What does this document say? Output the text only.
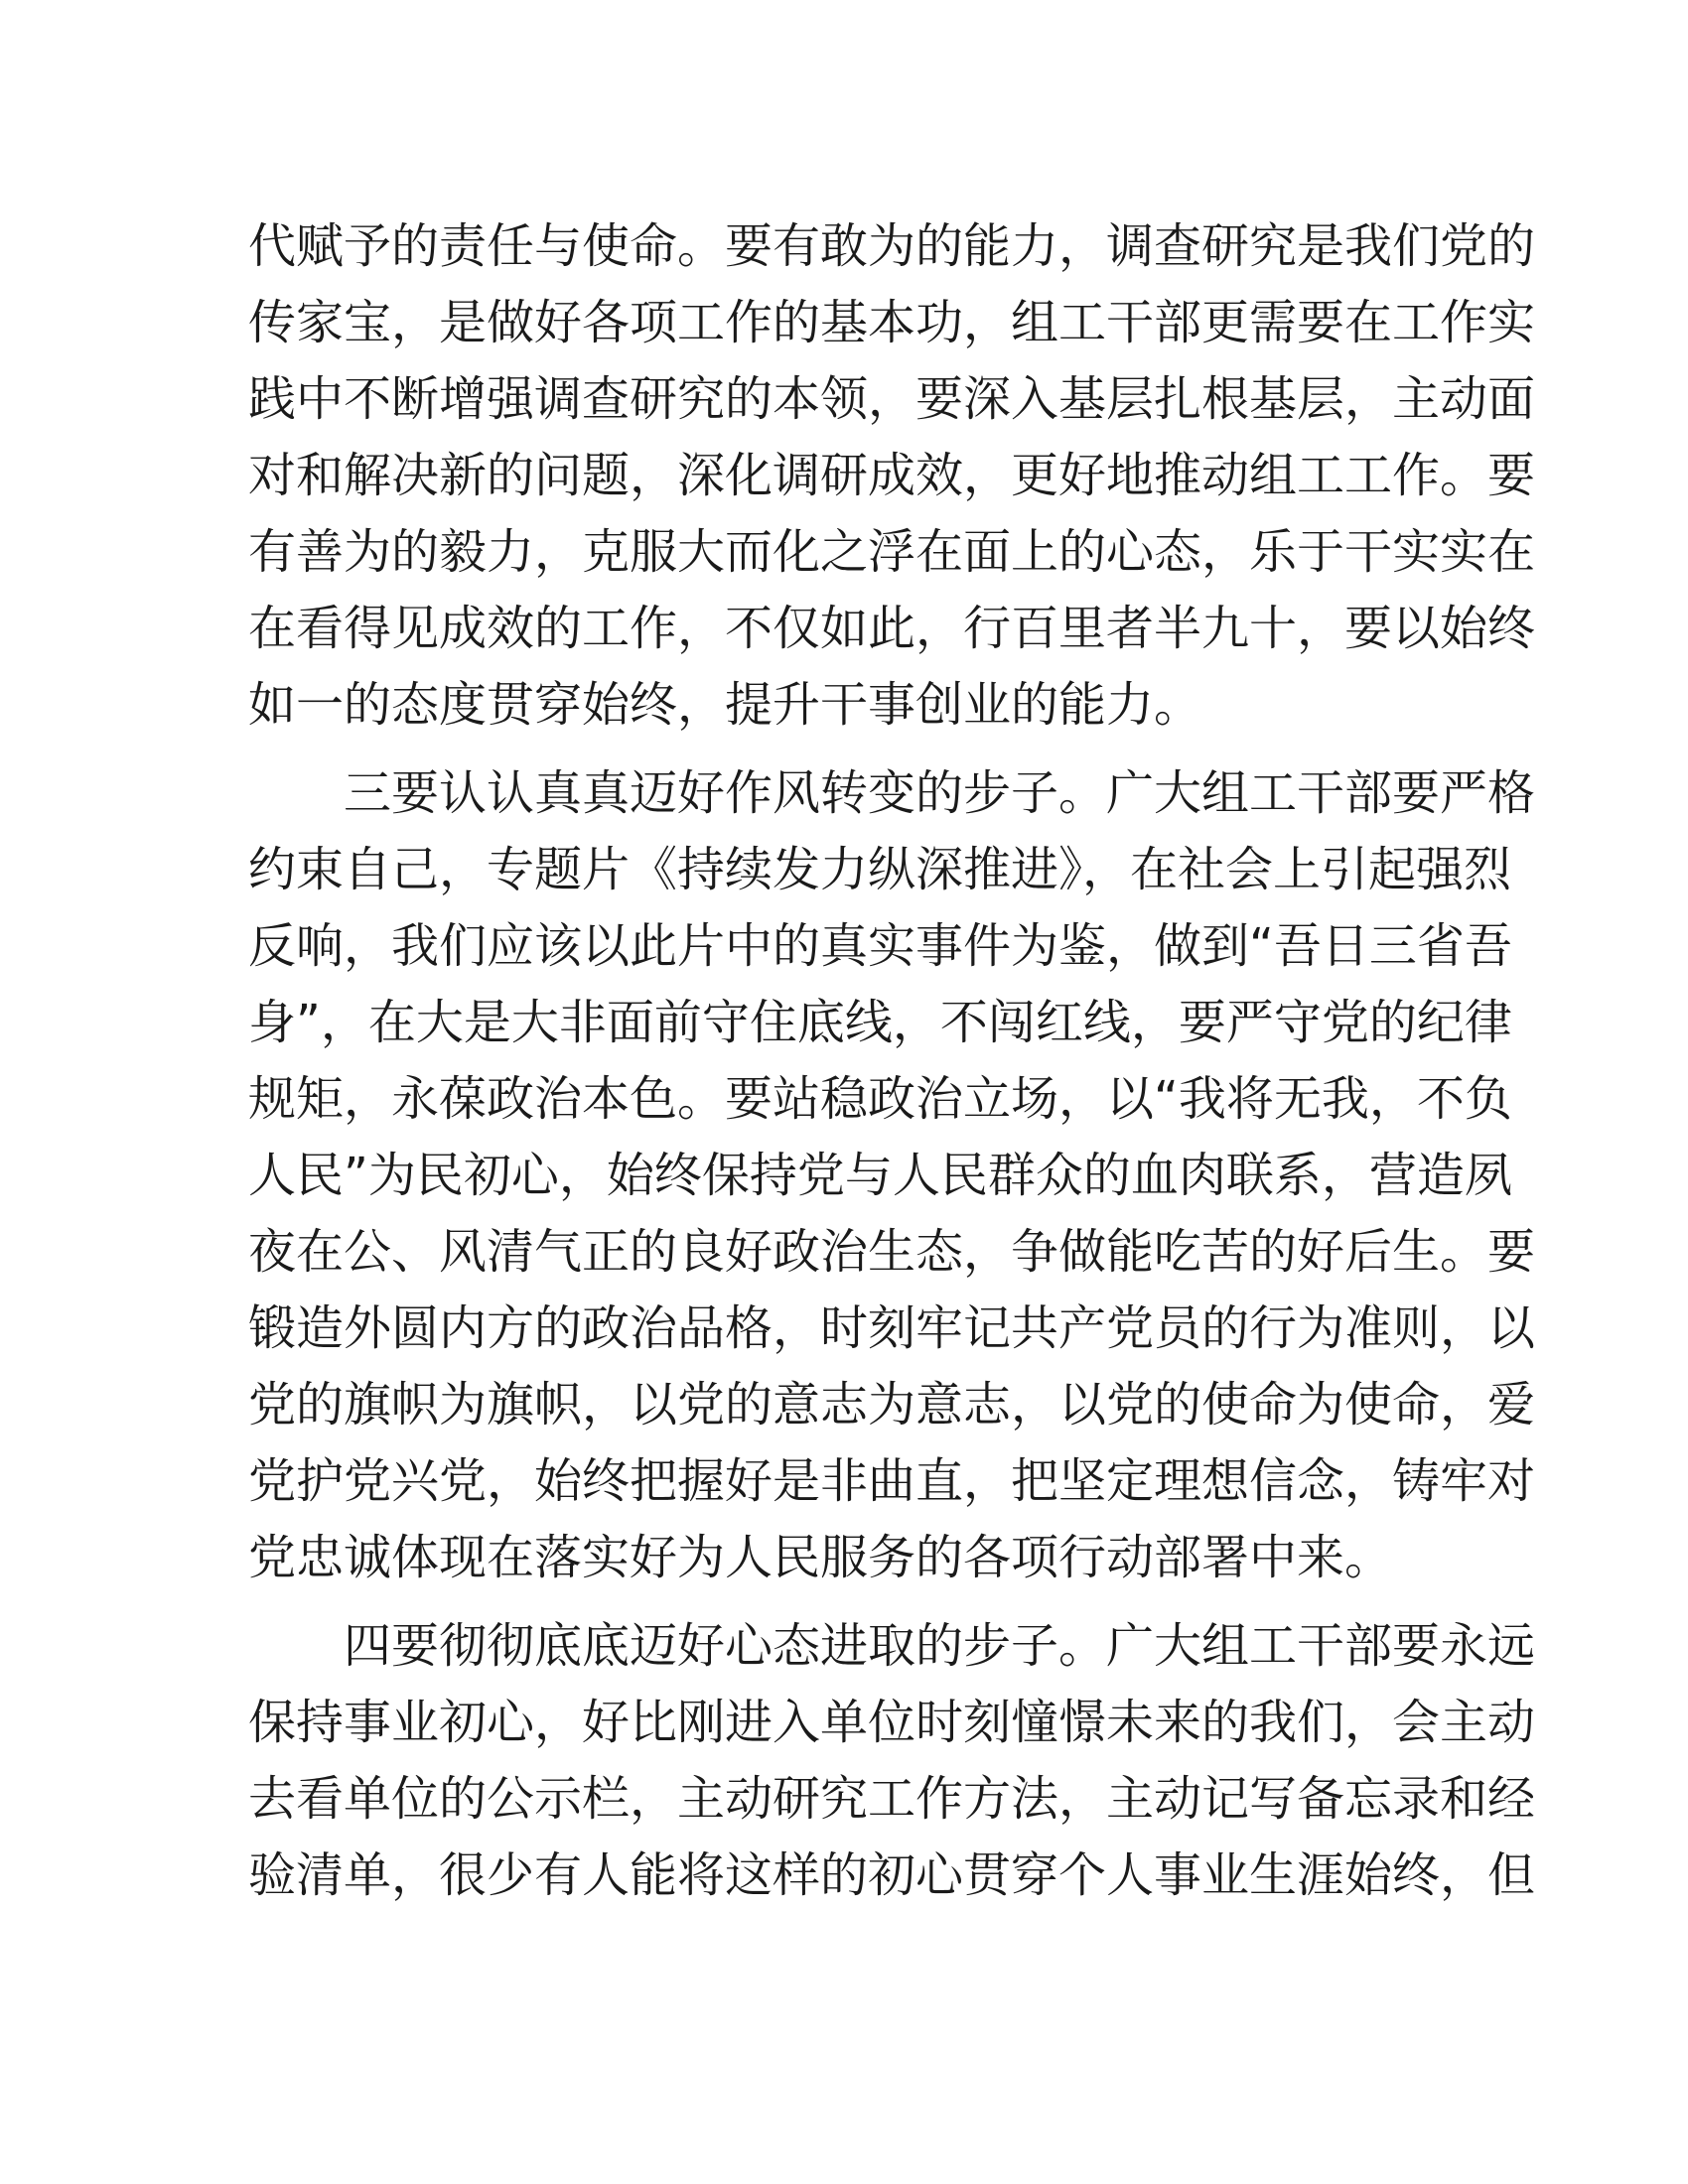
代赋予的责任与使命。要有敢为的能力，调查研究是我们党的
传家宝，是做好各项工作的基本功，组工干部更需要在工作实
践中不断增强调查研究的本领，要深入基层扎根基层，主动面
对和解决新的问题，深化调研成效，更好地推动组工工作。要
有善为的毅力，克服大而化之浮在面上的心态，乐于干实实在
在看得见成效的工作，不仅如此，行百里者半九十，要以始终
如一的态度贯穿始终，提升干事创业的能力。

　　三要认认真真迈好作风转变的步子。广大组工干部要严格
约束自己，专题片《持续发力纵深推进》，在社会上引起强烈
反响，我们应该以此片中的真实事件为鉴，做到“吾日三省吾
身”，在大是大非面前守住底线，不闯红线，要严守党的纪律
规矩，永葆政治本色。要站稳政治立场，以“我将无我，不负
人民”为民初心，始终保持党与人民群众的血肉联系，营造夙
夜在公、风清气正的良好政治生态，争做能吃苦的好后生。要
锻造外圆内方的政治品格，时刻牢记共产党员的行为准则，以
党的旗帜为旗帜，以党的意志为意志，以党的使命为使命，爱
党护党兴党，始终把握好是非曲直，把坚定理想信念，铸牢对
党忠诚体现在落实好为人民服务的各项行动部署中来。

　　四要彻彻底底迈好心态进取的步子。广大组工干部要永远
保持事业初心，好比刚进入单位时刻憧憬未来的我们，会主动
去看单位的公示栏，主动研究工作方法，主动记写备忘录和经
验清单，很少有人能将这样的初心贯穿个人事业生涯始终，但
